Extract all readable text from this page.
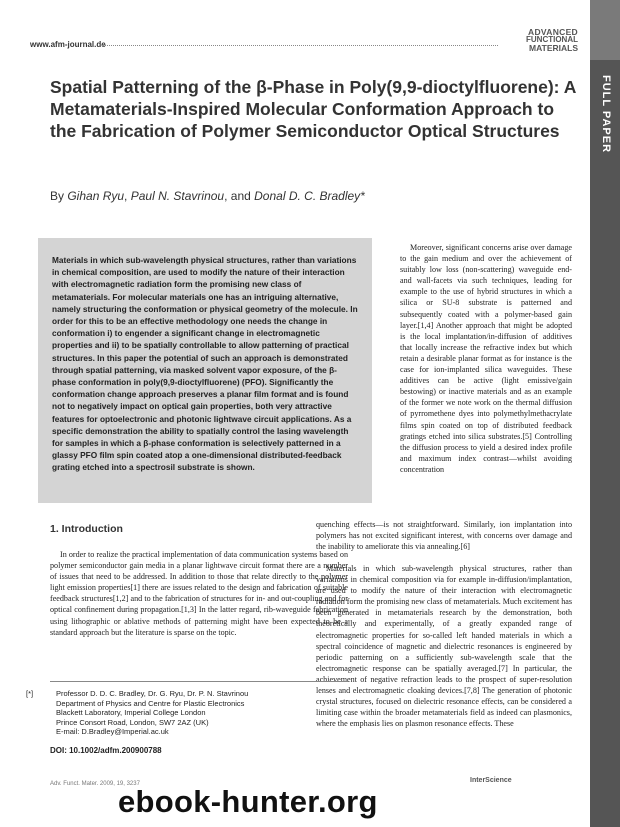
www.afm-journal.de
ADVANCED
FUNCTIONAL
MATERIALS
FULL PAPER
Spatial Patterning of the β-Phase in Poly(9,9-dioctylfluorene): A Metamaterials-Inspired Molecular Conformation Approach to the Fabrication of Polymer Semiconductor Optical Structures
By Gihan Ryu, Paul N. Stavrinou, and Donal D. C. Bradley*

Materials in which sub-wavelength physical structures, rather than variations in chemical composition, are used to modify the nature of their interaction with electromagnetic radiation form the promising new class of metamaterials. For molecular materials one has an intriguing alternative, namely structuring the conformation or physical geometry of the molecule. In order for this to be an effective methodology one needs the change in conformation i) to engender a significant change in electromagnetic properties and ii) to be spatially controllable to allow patterning of practical structures. In this paper the potential of such an approach is demonstrated through spatial patterning, via masked solvent vapor exposure, of the β-phase conformation in poly(9,9-dioctylfluorene) (PFO). Significantly the conformation change approach preserves a planar film format and is found not to negatively impact on optical gain properties, both very attractive features for optoelectronic and photonic lightwave circuit applications. As a specific demonstration the ability to spatially control the lasing wavelength for samples in which a β-phase conformation is selectively patterned in a glassy PFO film spin coated atop a one-dimensional distributed-feedback grating etched into a spectrosil substrate is shown.

1. Introduction

In order to realize the practical implementation of data communication systems based on polymer semiconductor gain media in a planar lightwave circuit format there are a number of issues that need to be addressed. In addition to those that relate directly to the polymer light emission properties[1] there are issues related to the design and fabrication of suitable feedback structures[1,2] and to the fabrication of structures for in- and out-coupling and for optical confinement during propagation.[1,3] In the latter regard, rib-waveguide fabrication using lithographic or ablative methods of patterning might have been expected to be a standard approach but the literature is sparse on the topic.

Moreover, significant concerns arise over damage to the gain medium and over the achievement of suitably low loss (non-scattering) waveguide end- and wall-facets via such techniques, leading for example to the use of hybrid structures in which a silica or SU-8 substrate is patterned and subsequently coated with a polymer-based gain layer.[1,4] Another approach that might be adopted is the local implantation/in-diffusion of additives that locally increase the refractive index but which retain a desirable planar format as for instance is the case for ion-implanted silica waveguides. These additives can be active (light emissive/gain bestowing) or inactive materials and as an example of the former we note work on the thermal diffusion of pyrromethene dyes into polymethylmethacrylate films spin coated on top of distributed feedback gratings etched into silica substrates.[5] Controlling the diffusion process to yield a desired index profile and maximum index contrast—whilst avoiding concentration

quenching effects—is not straightforward. Similarly, ion implantation into polymers has not excited significant interest, with concerns over damage and the inability to ameliorate this via annealing.[6]

Materials in which sub-wavelength physical structures, rather than variations in chemical composition via for example in-diffusion/implantation, are used to modify the nature of their interaction with electromagnetic radiation form the promising new class of metamaterials. Much excitement has been generated in metamaterials research by the demonstration, both theoretically and experimentally, of a greatly expanded range of electromagnetic properties for so-called left handed materials in which a spectral coincidence of magnetic and dielectric resonances is engineered by periodic patterning on a sufficiently sub-wavelength scale that the electromagnetic response can be spatially averaged.[7] In particular, the achievement of negative refraction leads to the prospect of super-resolution lenses and electromagnetic cloaking devices.[7,8] The generation of photonic crystal structures, focused on dielectric resonance effects, can be considered a limiting case within the broader metamaterials field as indeed can plasmonics, where the emphasis lies on plasmon resonance effects. These

[*]	Professor D. D. C. Bradley, Dr. G. Ryu, Dr. P. N. Stavrinou
Department of Physics and Centre for Plastic Electronics
Blackett Laboratory, Imperial College London
Prince Consort Road, London, SW7 2AZ (UK)
E-mail: D.Bradley@Imperial.ac.uk
DOI: 10.1002/adfm.200900788
Adv. Funct. Mater. 2009, 19, 3237	InterScience
ebook-hunter.org
